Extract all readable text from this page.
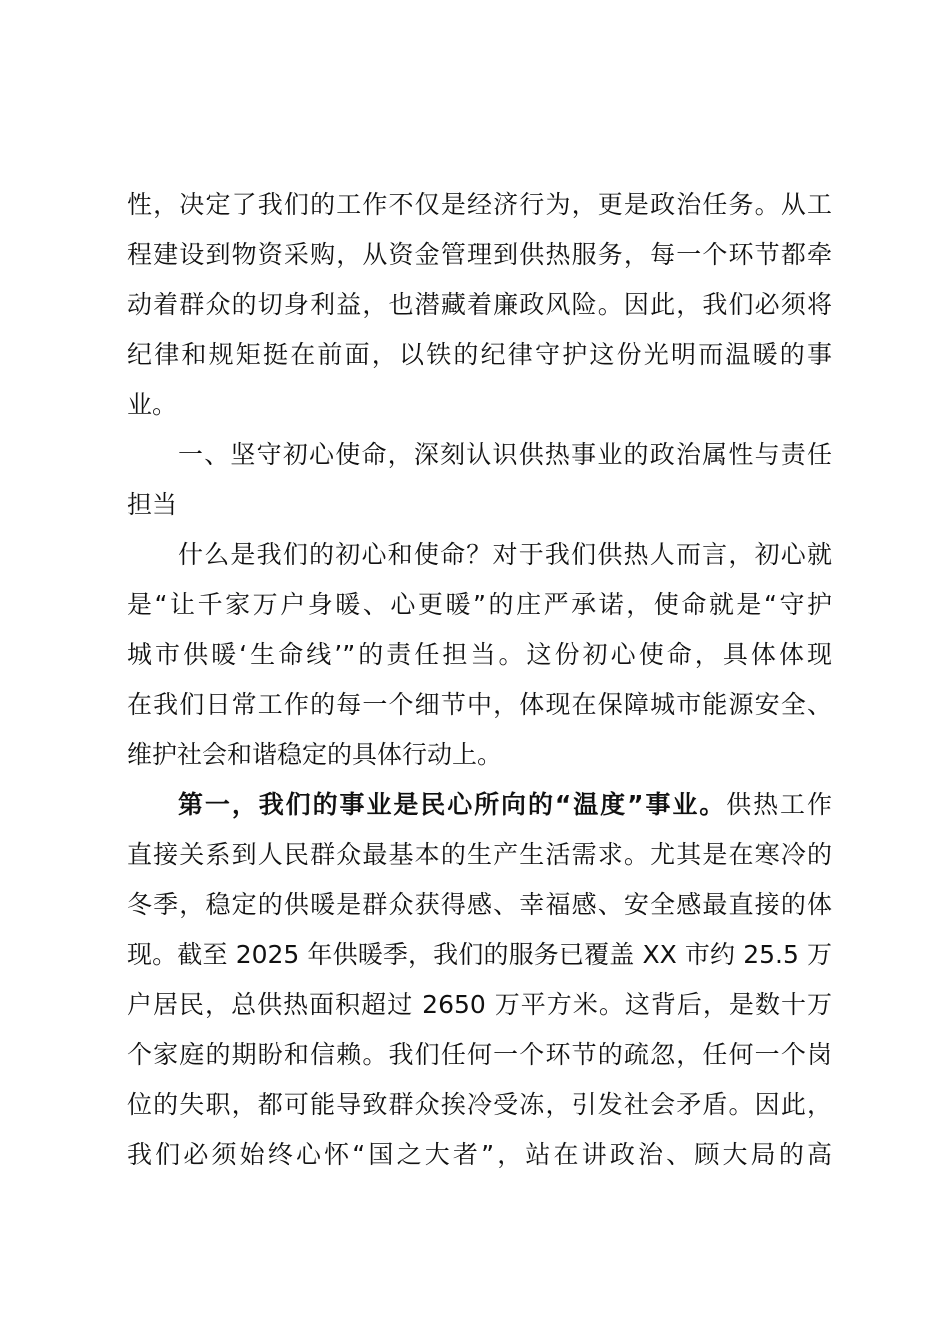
性，决定了我们的工作不仅是经济行为，更是政治任务。从工
程建设到物资采购，从资金管理到供热服务，每一个环节都牵
动着群众的切身利益，也潜藏着廉政风险。因此，我们必须将
纪律和规矩挺在前面，以铁的纪律守护这份光明而温暖的事
业。
一、坚守初心使命，深刻认识供热事业的政治属性与责任
担当
什么是我们的初心和使命？对于我们供热人而言，初心就
是“让千家万户身暖、心更暖”的庄严承诺，使命就是“守护
城市供暖‘生命线’”的责任担当。这份初心使命，具体体现
在我们日常工作的每一个细节中，体现在保障城市能源安全、
维护社会和谐稳定的具体行动上。
第一，我们的事业是民心所向的“温度”事业。供热工作
直接关系到人民群众最基本的生产生活需求。尤其是在寒冷的
冬季，稳定的供暖是群众获得感、幸福感、安全感最直接的体
现。截至 2025 年供暖季，我们的服务已覆盖 XX 市约 25.5 万
户居民，总供热面积超过 2650 万平方米。这背后，是数十万
个家庭的期盼和信赖。我们任何一个环节的疏忽，任何一个岗
位的失职，都可能导致群众挨冷受冻，引发社会矛盾。因此，
我们必须始终心怀“国之大者”，站在讲政治、顾大局的高
